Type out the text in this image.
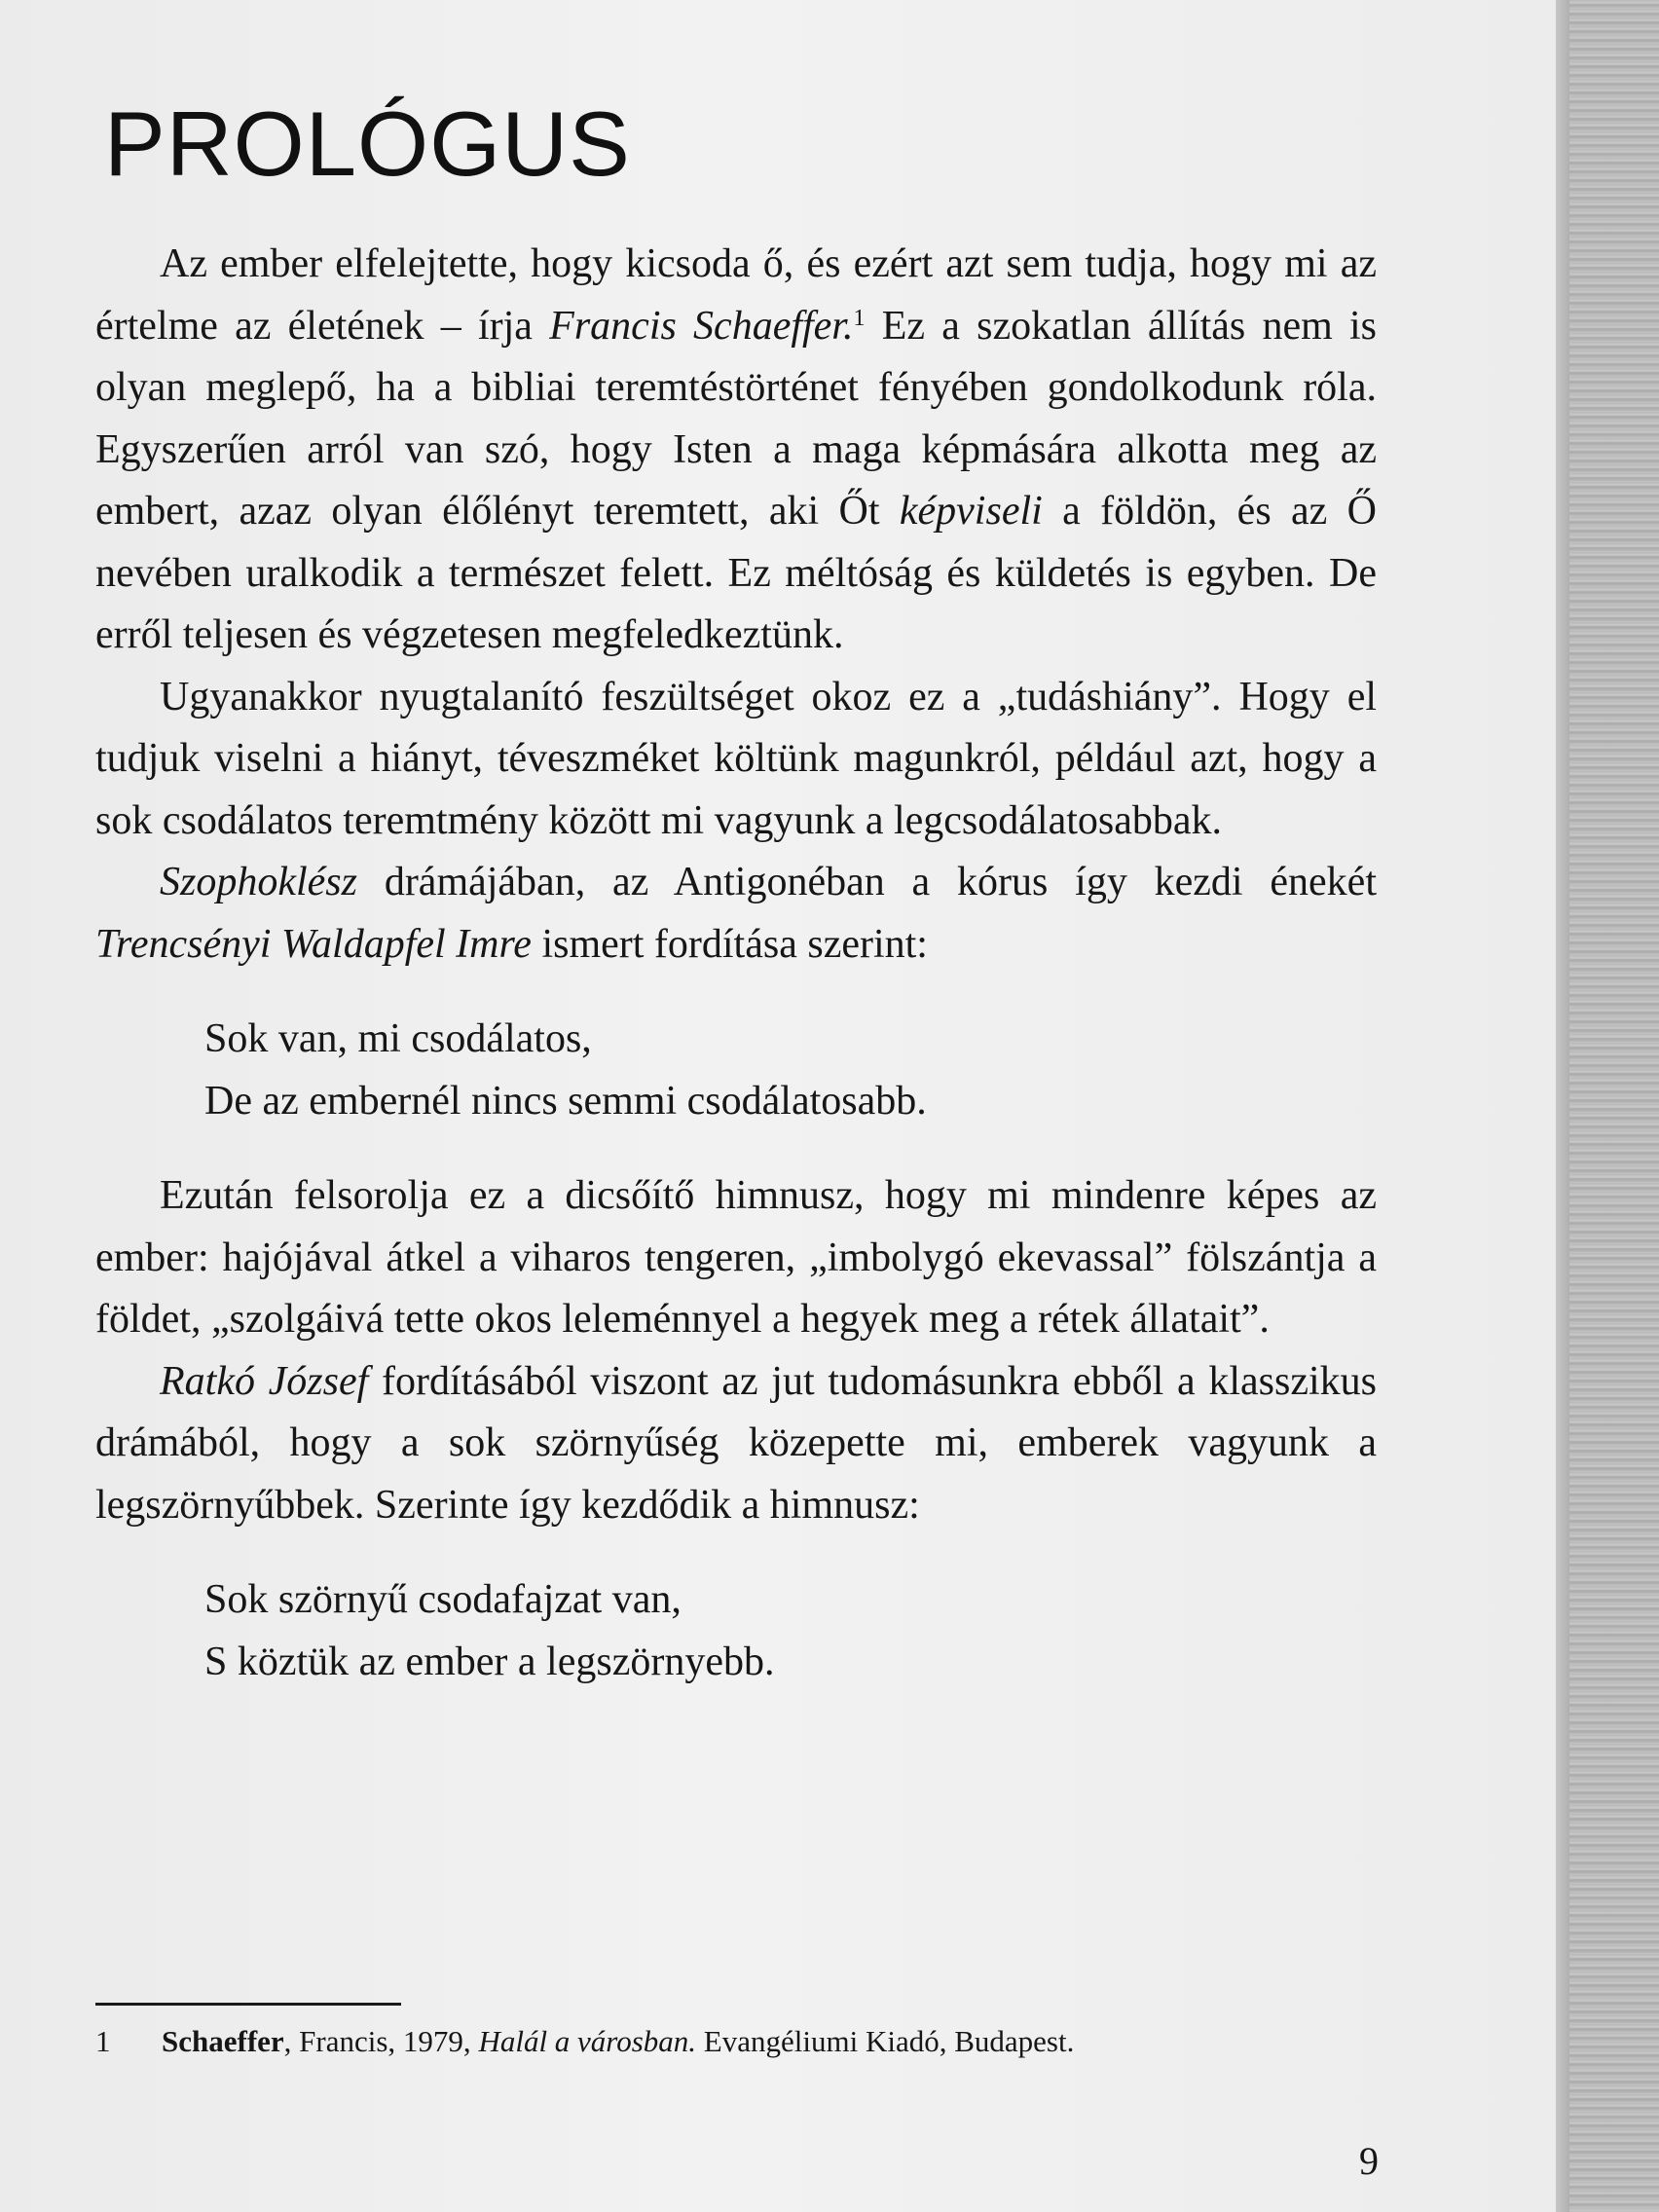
PROLÓGUS

Az ember elfelejtette, hogy kicsoda ő, és ezért azt sem tudja, hogy mi az értelme az életének – írja Francis Schaeffer.$^1$ Ez a szokatlan állítás nem is olyan meglepő, ha a bibliai teremtéstörténet fényében gondolkodunk róla. Egyszerűen arról van szó, hogy Isten a maga képmására alkotta meg az embert, azaz olyan élőlényt teremtett, aki Őt képviseli a földön, és az Ő nevében uralkodik a természet felett. Ez méltóság és küldetés is egyben. De erről teljesen és végzetesen megfeledkeztünk.

Ugyanakkor nyugtalanító feszültséget okoz ez a „tudáshiány”. Hogy el tudjuk viselni a hiányt, téveszméket költünk magunkról, például azt, hogy a sok csodálatos teremtmény között mi vagyunk a legcsodálatosabbak.

Szophoklész drámájában, az Antigonéban a kórus így kezdi énekét Trencsényi Waldapfel Imre ismert fordítása szerint:

Sok van, mi csodálatos,
De az embernél nincs semmi csodálatosabb.

Ezután felsorolja ez a dicsőítő himnusz, hogy mi mindenre képes az ember: hajójával átkel a viharos tengeren, „imbolygó ekevassal” fölszántja a földet, „szolgáivá tette okos leleménnyel a hegyek meg a rétek állatait”.

Ratkó József fordításából viszont az jut tudomásunkra ebből a klasszikus drámából, hogy a sok szörnyűség közepette mi, emberek vagyunk a legszörnyűbbek. Szerinte így kezdődik a himnusz:

Sok szörnyű csodafajzat van,
S köztük az ember a legszörnyebb.
1 Schaeffer, Francis, 1979, Halál a városban. Evangéliumi Kiadó, Budapest.
9
